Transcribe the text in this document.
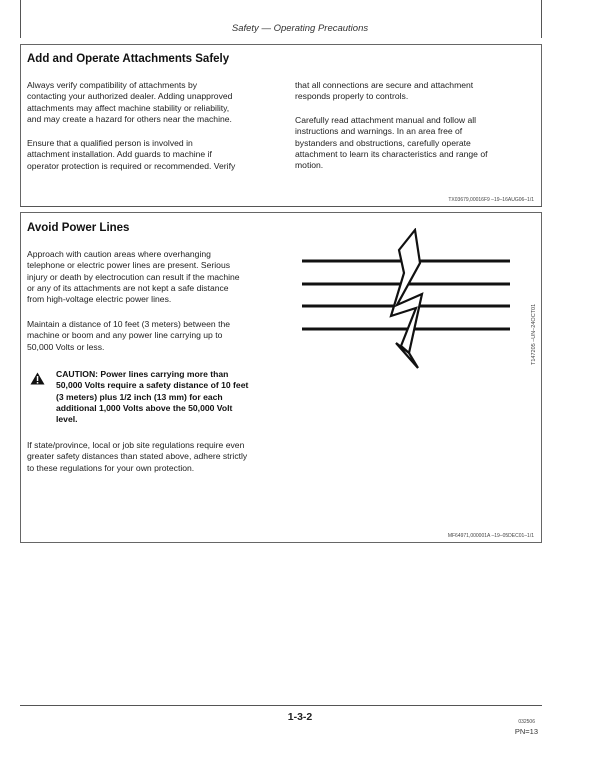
Safety — Operating Precautions
Add and Operate Attachments Safely
Always verify compatibility of attachments by
contacting your authorized dealer. Adding unapproved
attachments may affect machine stability or reliability,
and may create a hazard for others near the machine.
Ensure that a qualified person is involved in
attachment installation. Add guards to machine if
operator protection is required or recommended. Verify
that all connections are secure and attachment
responds properly to controls.
Carefully read attachment manual and follow all
instructions and warnings. In an area free of
bystanders and obstructions, carefully operate
attachment to learn its characteristics and range of
motion.
TX03679,00016F9 –19–16AUG06–1/1
Avoid Power Lines
Approach with caution areas where overhanging
telephone or electric power lines are present. Serious
injury or death by electrocution can result if the machine
or any of its attachments are not kept a safe distance
from high-voltage electric power lines.
Maintain a distance of 10 feet (3 meters) between the
machine or boom and any power line carrying up to
50,000 Volts or less.
CAUTION: Power lines carrying more than
50,000 Volts require a safety distance of 10 feet
(3 meters) plus 1/2 inch (13 mm) for each
additional 1,000 Volts above the 50,000 Volt
level.
If state/province, local or job site regulations require even
greater safety distances than stated above, adhere strictly
to these regulations for your own protection.
T147205 –UN–24OCT01
MF64971,000001A –19–05DEC01–1/1
1-3-2	032506
PN=13
